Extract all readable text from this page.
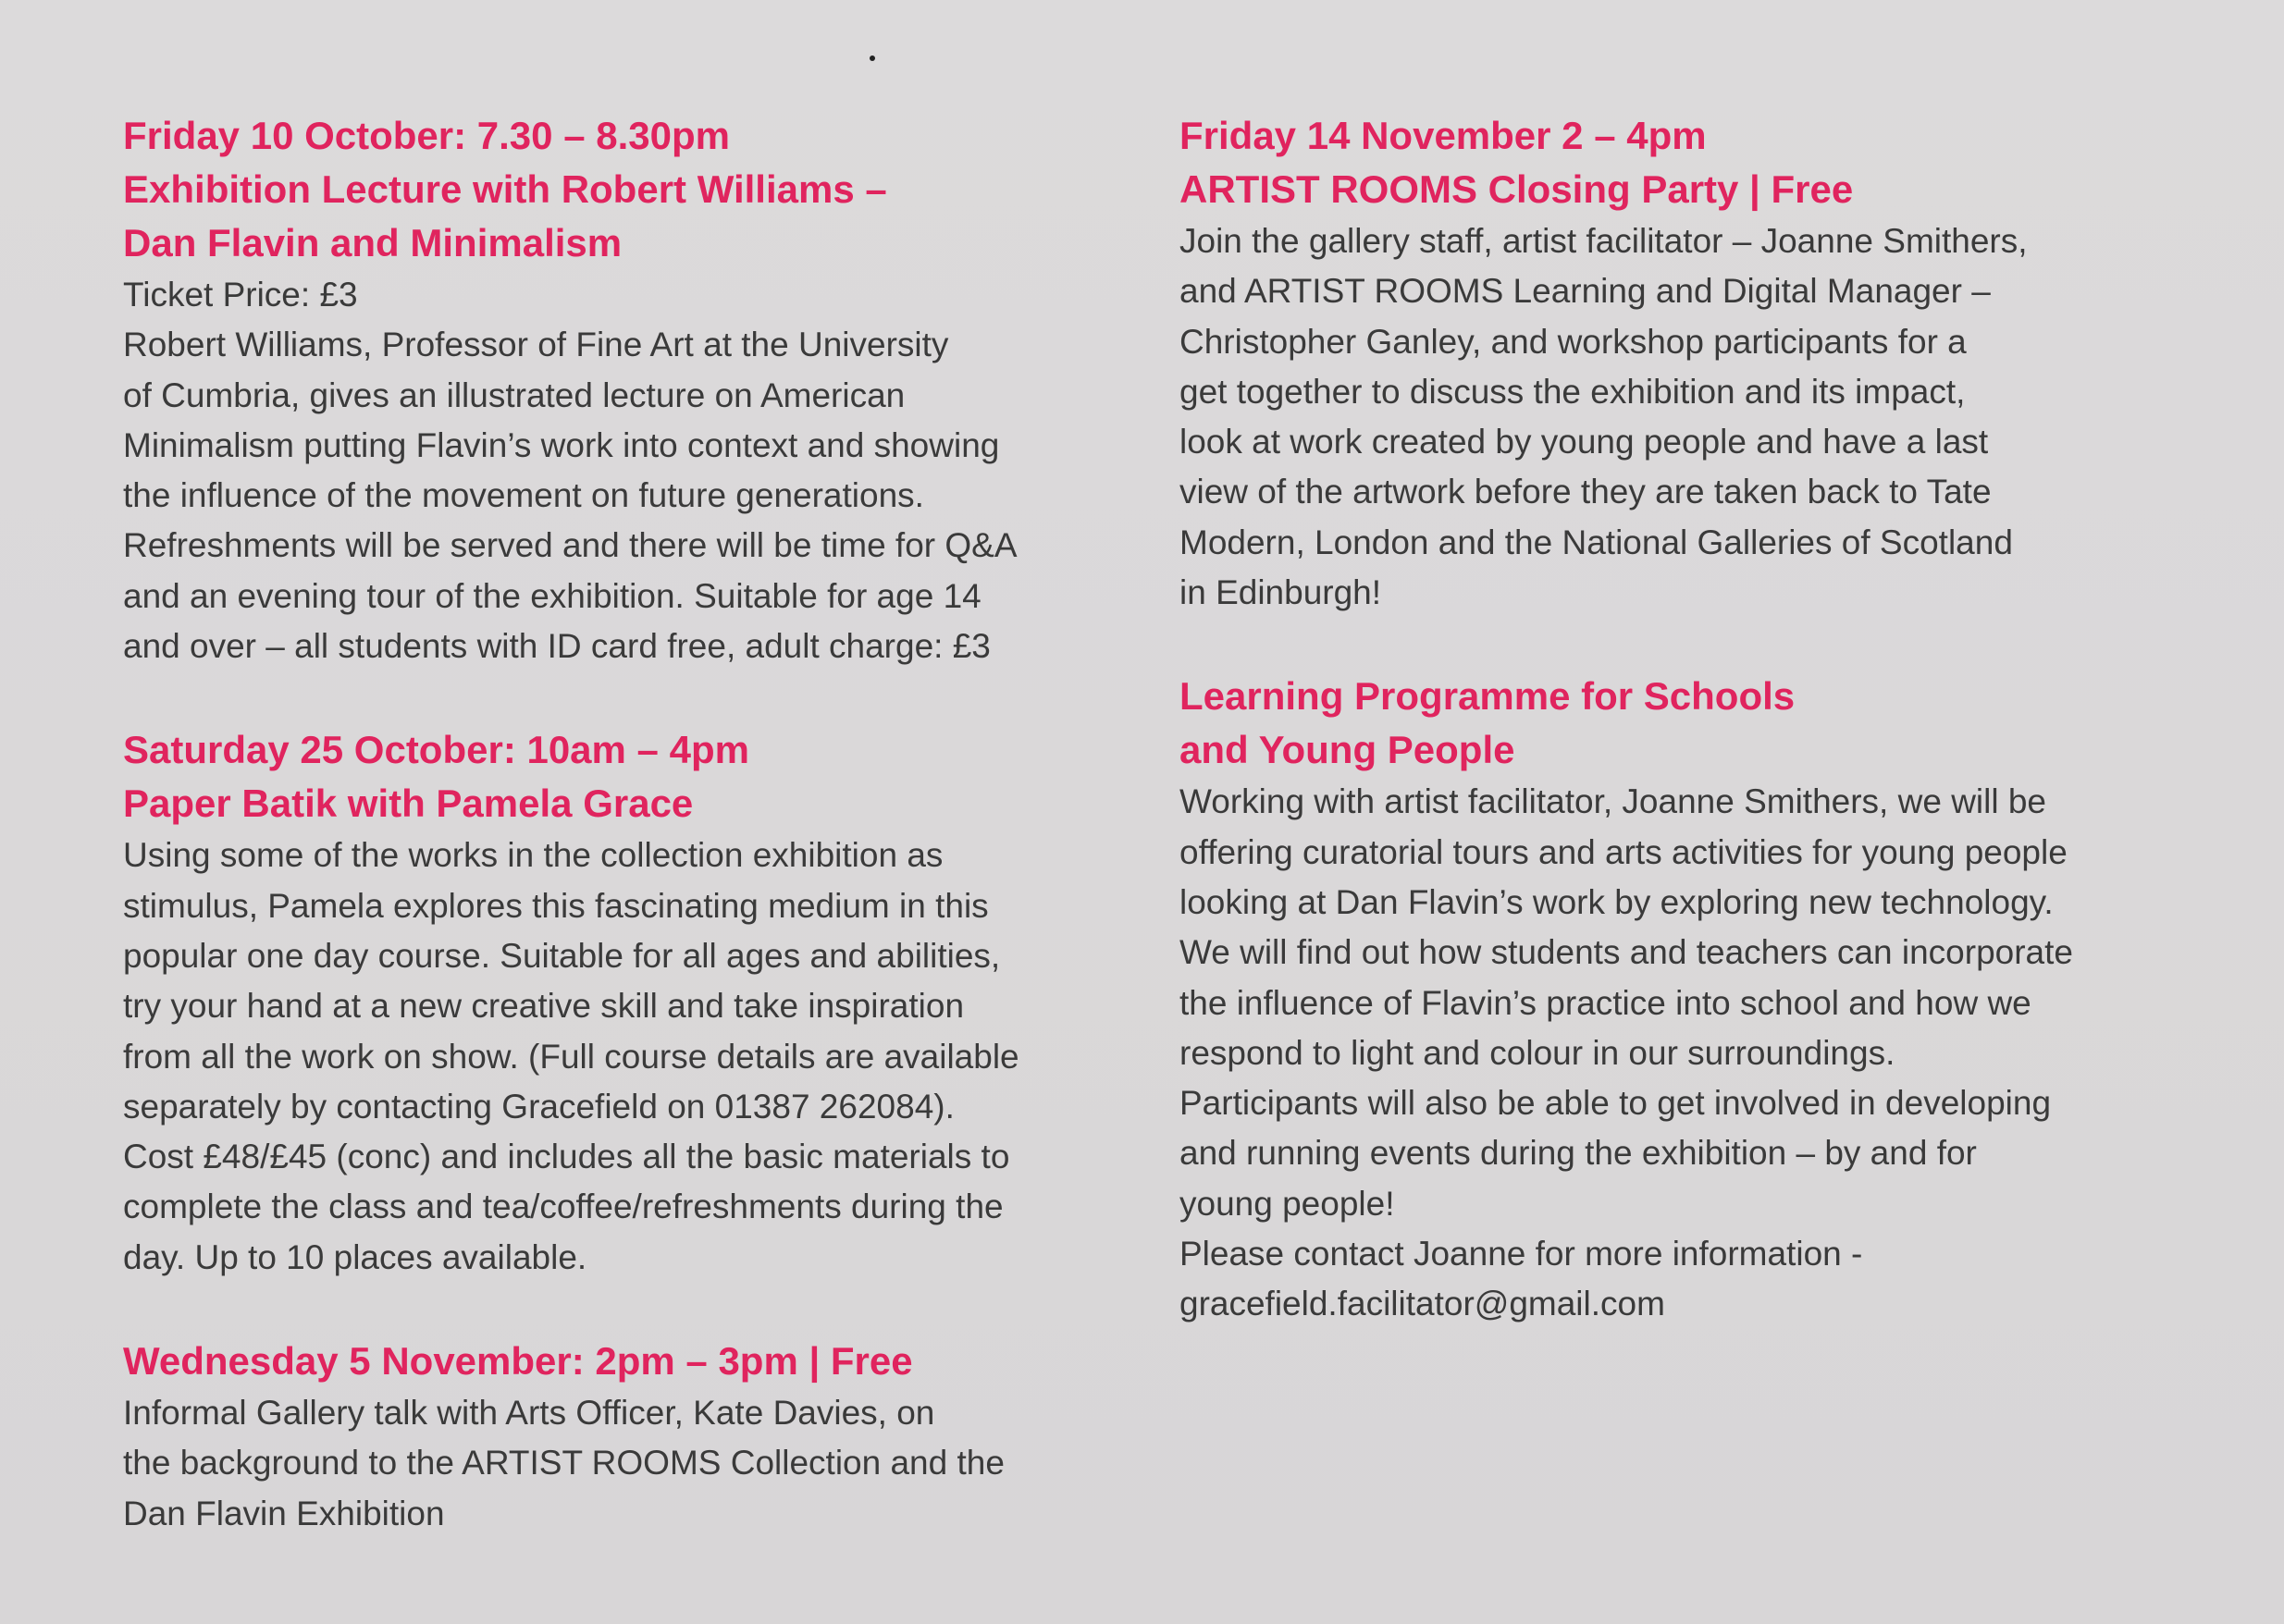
Friday 10 October: 7.30 – 8.30pm

Exhibition Lecture with Robert Williams –

Dan Flavin and Minimalism

Ticket Price: £3

Robert Williams, Professor of Fine Art at the University

of Cumbria, gives an illustrated lecture on American

Minimalism putting Flavin’s work into context and showing

the influence of the movement on future generations.

Refreshments will be served and there will be time for Q&A

and an evening tour of the exhibition. Suitable for age 14

and over – all students with ID card free, adult charge: £3

Saturday 25 October: 10am – 4pm

Paper Batik with Pamela Grace

Using some of the works in the collection exhibition as

stimulus, Pamela explores this fascinating medium in this

popular one day course. Suitable for all ages and abilities,

try your hand at a new creative skill and take inspiration

from all the work on show. (Full course details are available

separately by contacting Gracefield on 01387 262084).

Cost £48/£45 (conc) and includes all the basic materials to

complete the class and tea/coffee/refreshments during the

day. Up to 10 places available.

Wednesday 5 November: 2pm – 3pm | Free

Informal Gallery talk with Arts Officer, Kate Davies, on

the background to the ARTIST ROOMS Collection and the

Dan Flavin Exhibition

Friday 14 November 2 – 4pm

ARTIST ROOMS Closing Party | Free

Join the gallery staff, artist facilitator – Joanne Smithers,

and ARTIST ROOMS Learning and Digital Manager –

Christopher Ganley, and workshop participants for a

get together to discuss the exhibition and its impact,

look at work created by young people and have a last

view of the artwork before they are taken back to Tate

Modern, London and the National Galleries of Scotland

in Edinburgh!

Learning Programme for Schools

and Young People

Working with artist facilitator, Joanne Smithers, we will be

offering curatorial tours and arts activities for young people

looking at Dan Flavin’s work by exploring new technology.

We will find out how students and teachers can incorporate

the influence of Flavin’s practice into school and how we

respond to light and colour in our surroundings.

Participants will also be able to get involved in developing

and running events during the exhibition – by and for

young people!

Please contact Joanne for more information -

gracefield.facilitator@gmail.com
